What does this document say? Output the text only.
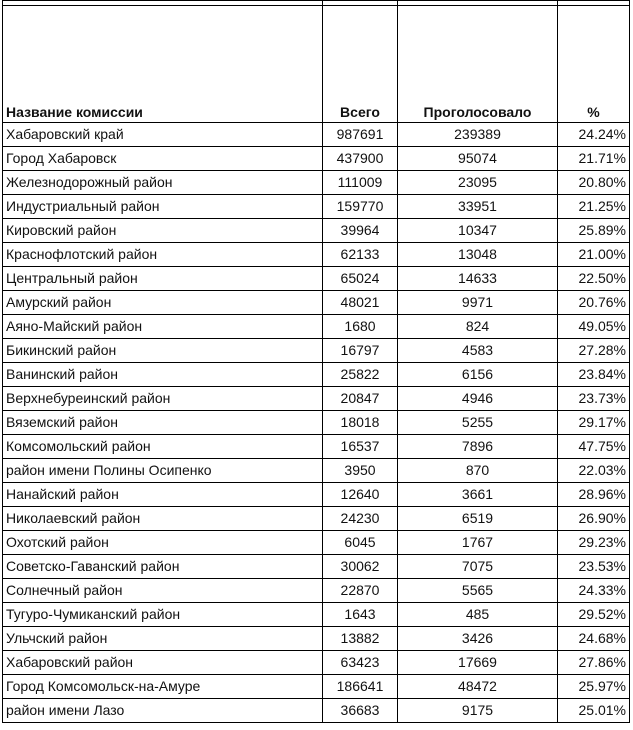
Название комиссии	Всего	Проголосовало	%
Хабаровский край	987691	239389	24.24%
Город Хабаровск	437900	95074	21.71%
Железнодорожный район	111009	23095	20.80%
Индустриальный район	159770	33951	21.25%
Кировский район	39964	10347	25.89%
Краснофлотский район	62133	13048	21.00%
Центральный район	65024	14633	22.50%
Амурский район	48021	9971	20.76%
Аяно-Майский район	1680	824	49.05%
Бикинский район	16797	4583	27.28%
Ванинский район	25822	6156	23.84%
Верхнебуреинский район	20847	4946	23.73%
Вяземский район	18018	5255	29.17%
Комсомольский район	16537	7896	47.75%
район имени Полины Осипенко	3950	870	22.03%
Нанайский район	12640	3661	28.96%
Николаевский район	24230	6519	26.90%
Охотский район	6045	1767	29.23%
Советско-Гаванский район	30062	7075	23.53%
Солнечный район	22870	5565	24.33%
Тугуро-Чумиканский район	1643	485	29.52%
Ульчский район	13882	3426	24.68%
Хабаровский район	63423	17669	27.86%
Город Комсомольск-на-Амуре	186641	48472	25.97%
район имени Лазо	36683	9175	25.01%
